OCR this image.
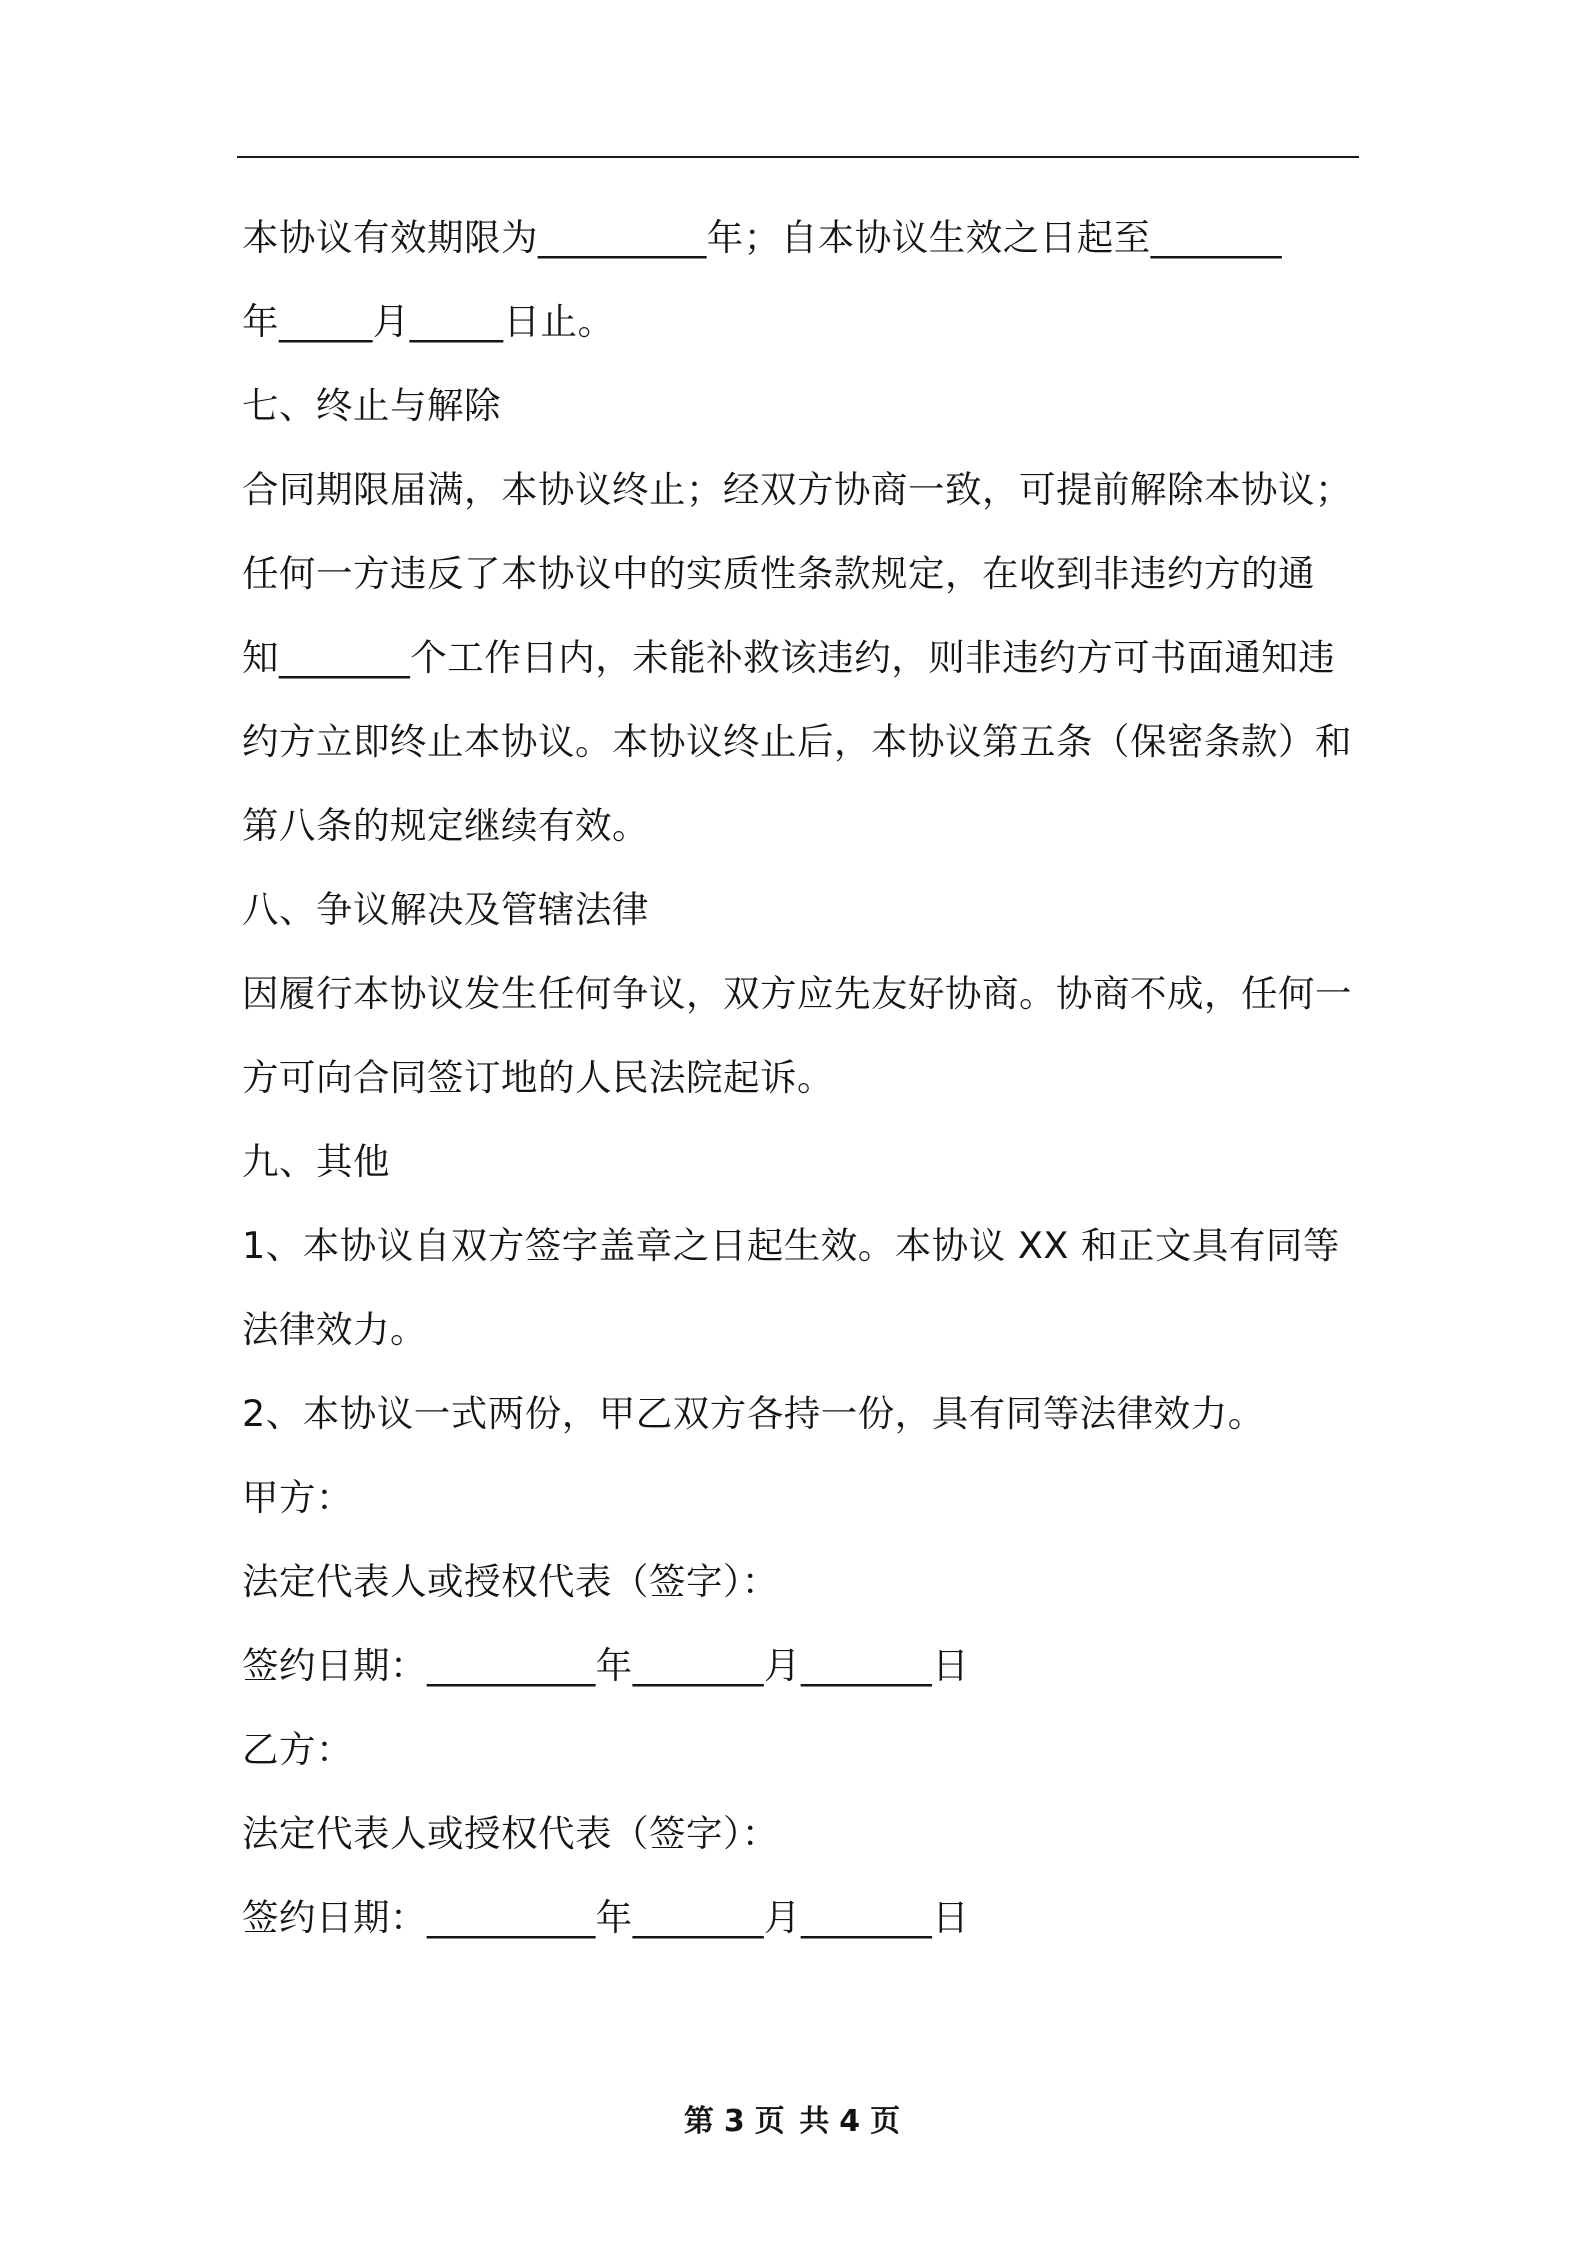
本协议有效期限为_________年；自本协议生效之日起至_______
年_____月_____日止。
七、终止与解除
合同期限届满，本协议终止；经双方协商一致，可提前解除本协议；
任何一方违反了本协议中的实质性条款规定，在收到非违约方的通
知_______个工作日内，未能补救该违约，则非违约方可书面通知违
约方立即终止本协议。本协议终止后，本协议第五条（保密条款）和
第八条的规定继续有效。
八、争议解决及管辖法律
因履行本协议发生任何争议，双方应先友好协商。协商不成，任何一
方可向合同签订地的人民法院起诉。
九、其他
1、本协议自双方签字盖章之日起生效。本协议 XX 和正文具有同等
法律效力。
2、本协议一式两份，甲乙双方各持一份，具有同等法律效力。
甲方：
法定代表人或授权代表（签字）：
签约日期：_________年_______月_______日
乙方：
法定代表人或授权代表（签字）：
签约日期：_________年_______月_______日
第 3 页 共 4 页
